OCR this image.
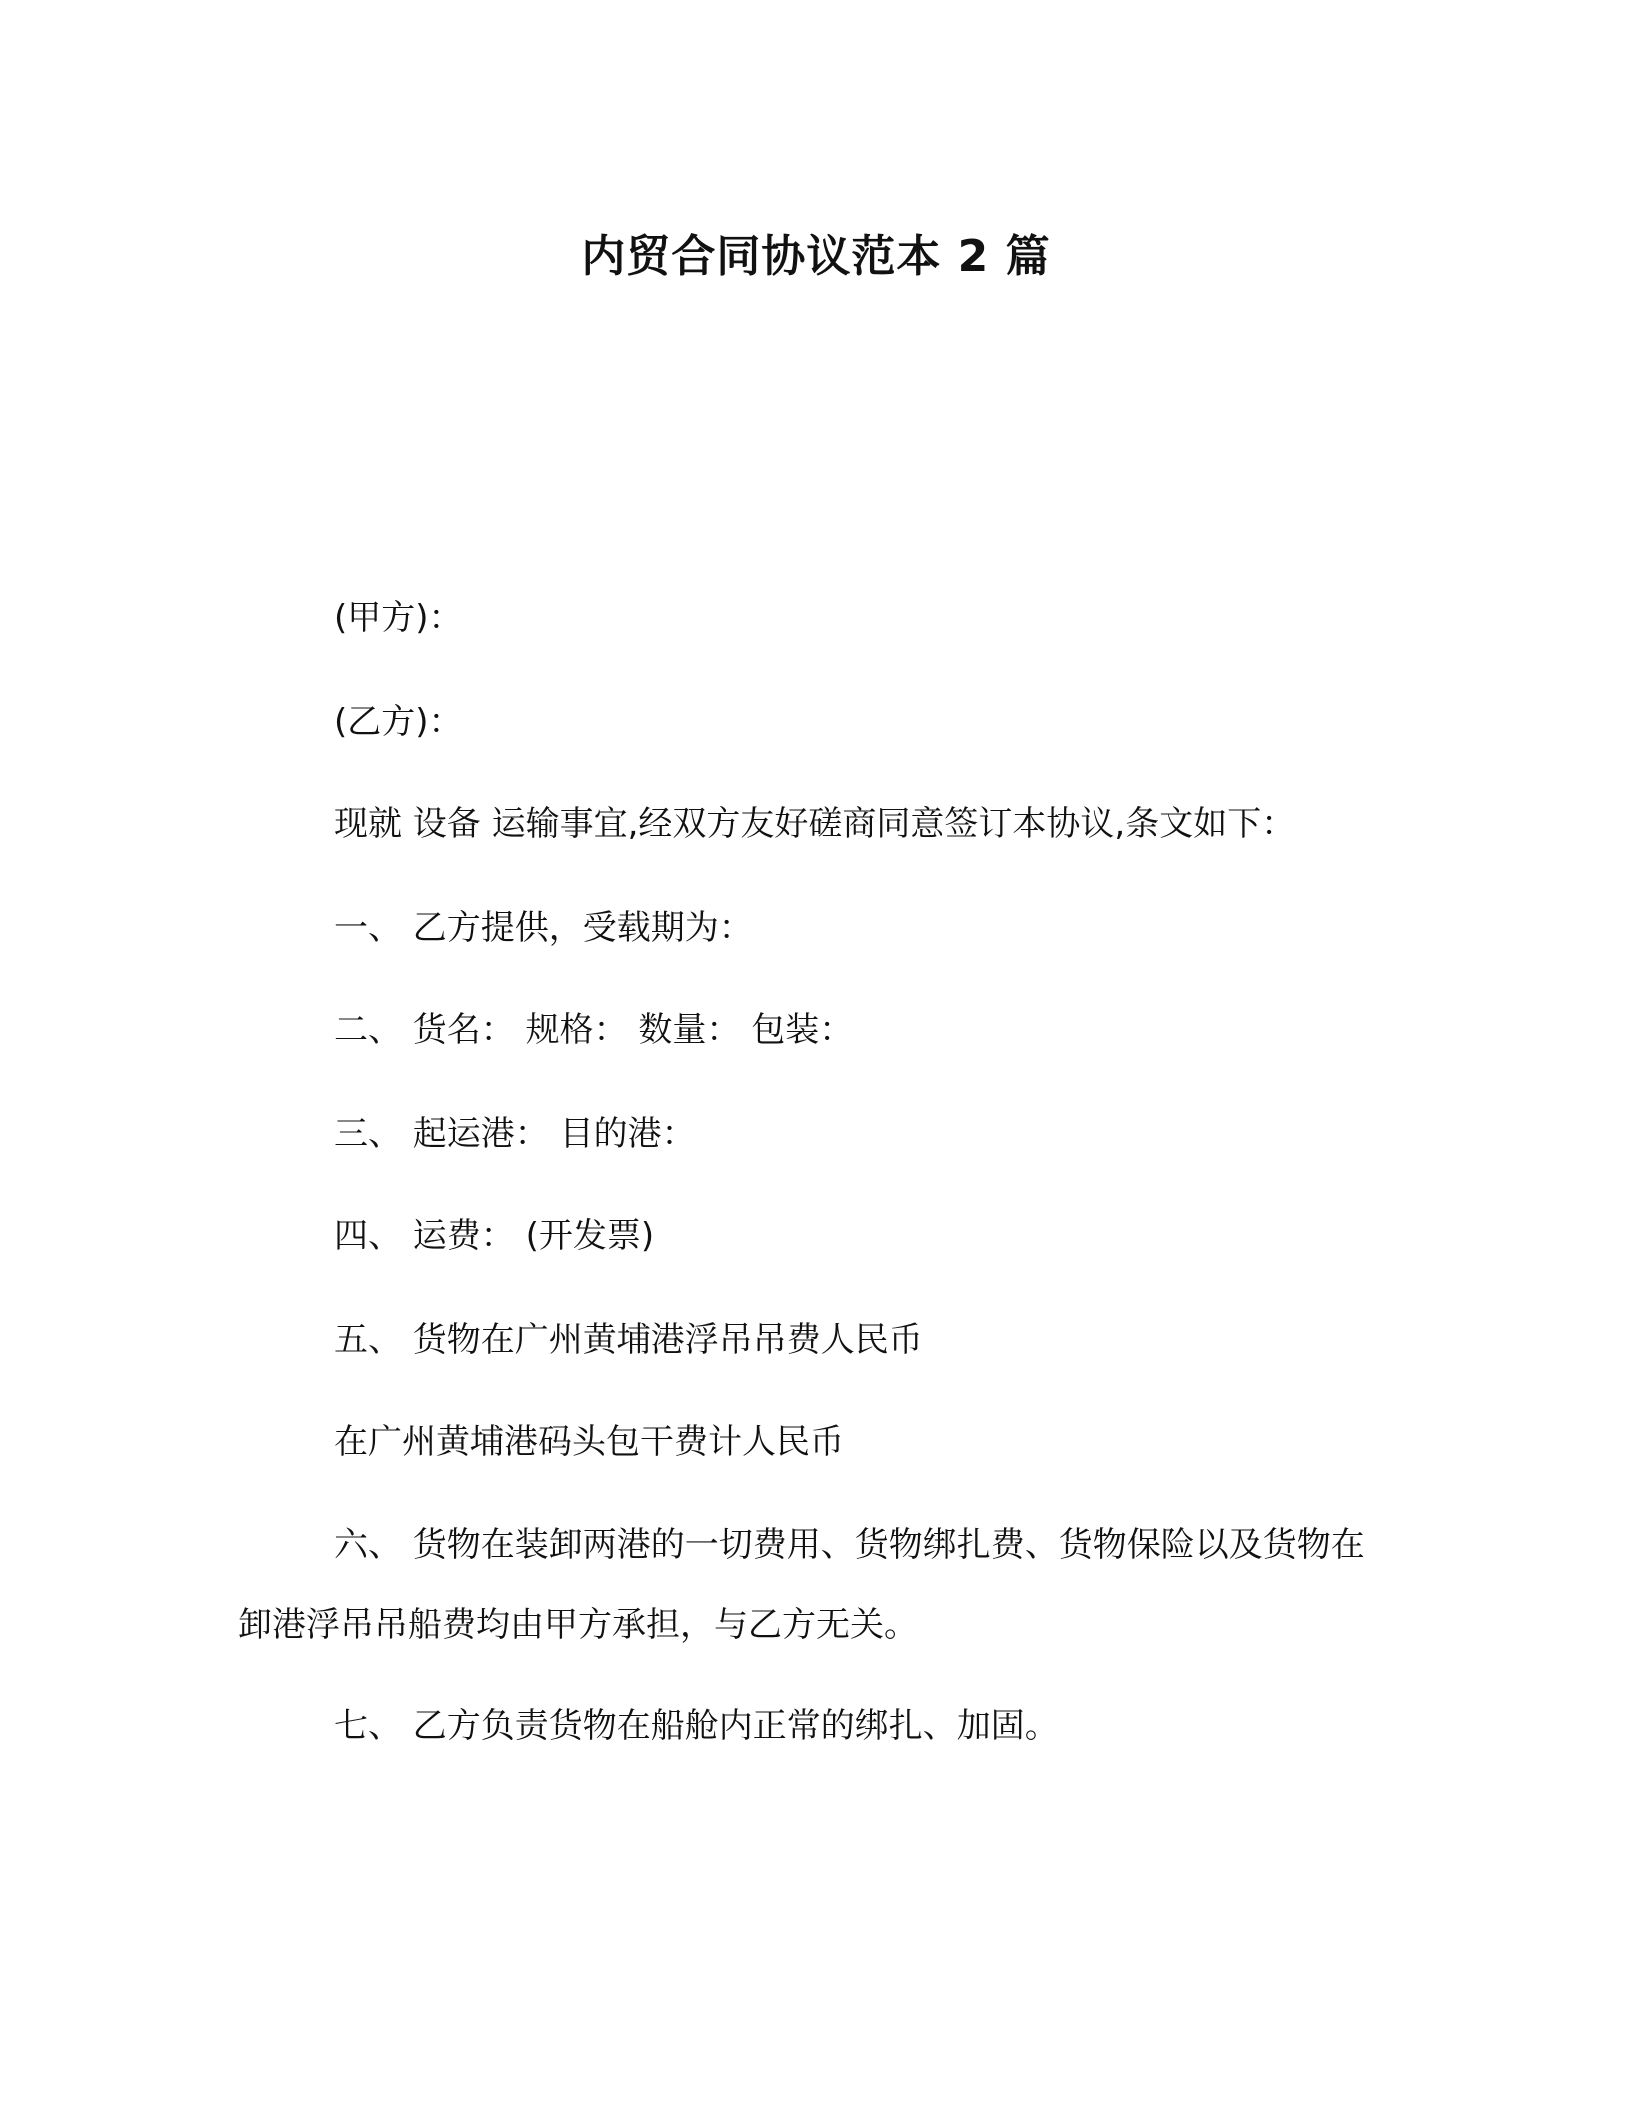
内贸合同协议范本 2 篇
(甲方)：
(乙方)：
现就 设备 运输事宜,经双方友好磋商同意签订本协议,条文如下：
一、 乙方提供，受载期为：
二、 货名： 规格： 数量： 包装：
三、 起运港： 目的港：
四、 运费： (开发票)
五、 货物在广州黄埔港浮吊吊费人民币
在广州黄埔港码头包干费计人民币
六、 货物在装卸两港的一切费用、货物绑扎费、货物保险以及货物在卸港浮吊吊船费均由甲方承担，与乙方无关。
七、 乙方负责货物在船舱内正常的绑扎、加固。
